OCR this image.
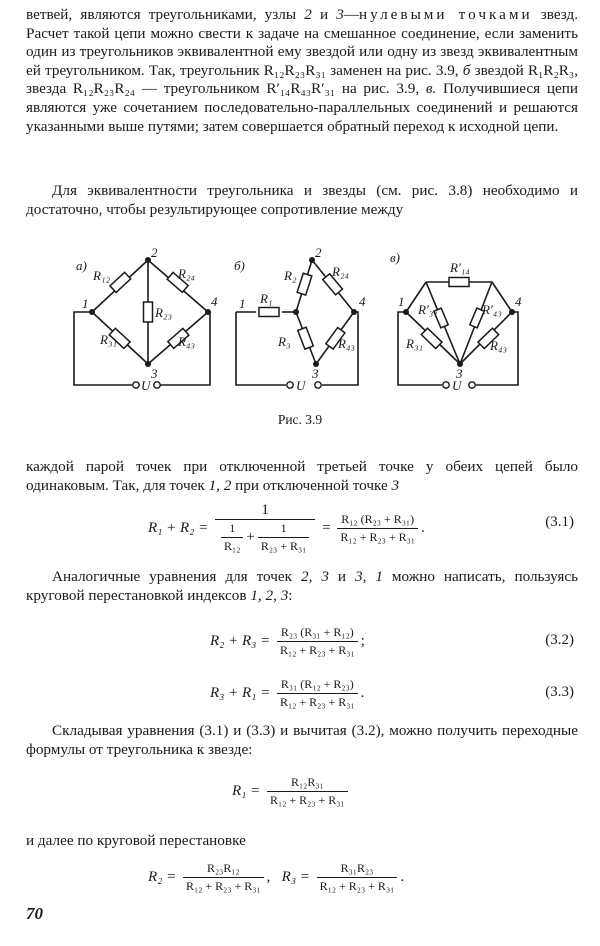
ветвей, являются треугольниками, узлы 2 и 3—нулевыми точками звезд. Расчет такой цепи можно свести к задаче на смешанное соединение, если заменить один из треугольников эквивалентной ему звездой или одну из звезд эквивалентным ей треугольником. Так, треугольник R₁₂R₂₃R₃₁ заменен на рис. 3.9, б звездой R₁R₂R₃, звезда R₁₂R₂₃R₂₄ — треугольником R′₁₄R₄₃R′₃₁ на рис. 3.9, в. Получившиеся цепи являются уже сочетанием последовательно-параллельных соединений и решаются указанными выше путями; затем совершается обратный переход к исходной цепи.

Для эквивалентности треугольника и звезды (см. рис. 3.8) необходимо и достаточно, чтобы результирующее сопротивление между

а)	б)
в)
1
2
3
4
R₁₂	R₂₄
R₂₃
R₃₁	R₄₃
U
1
2
3
4
R₁
R₂
R₃
R₂₄
R₄₃
U
1
3
4
R′₁₄
R′₃₁	R′₄₃
R₃₁	R₄₃
U
Рис. 3.9

каждой парой точек при отключенной третьей точке у обеих цепей было одинаковым. Так, для точек 1, 2 при отключенной точке 3

$R_1 + R_2 = \frac{1}{\frac{1}{\text{R₁₂}} + \frac{1}{\text{R₂₃ + R₃₁}}} = \frac{\text{R₁₂ (R₂₃ + R₃₁)}}{\text{R₁₂ + R₂₃ + R₃₁}}$ .	(3.1)

Аналогичные уравнения для точек 2, 3 и 3, 1 можно написать, пользуясь круговой перестановкой индексов 1, 2, 3:

$R_2 + R_3 = \frac{\text{R₂₃ (R₃₁ + R₁₂)}}{\text{R₁₂ + R₂₃ + R₃₁}}$ ;	(3.2)
$R_3 + R_1 = \frac{\text{R₃₁ (R₁₂ + R₂₃)}}{\text{R₁₂ + R₂₃ + R₃₁}}$ .	(3.3)

Складывая уравнения (3.1) и (3.3) и вычитая (3.2), можно получить переходные формулы от треугольника к звезде:

$R_1 = \frac{\text{R₁₂R₃₁}}{\text{R₁₂ + R₂₃ + R₃₁}}$

и далее по круговой перестановке

$R_2 = \frac{\text{R₂₃R₁₂}}{\text{R₁₂ + R₂₃ + R₃₁}}$ , $R_3 = \frac{\text{R₃₁R₂₃}}{\text{R₁₂ + R₂₃ + R₃₁}}$ .
70
